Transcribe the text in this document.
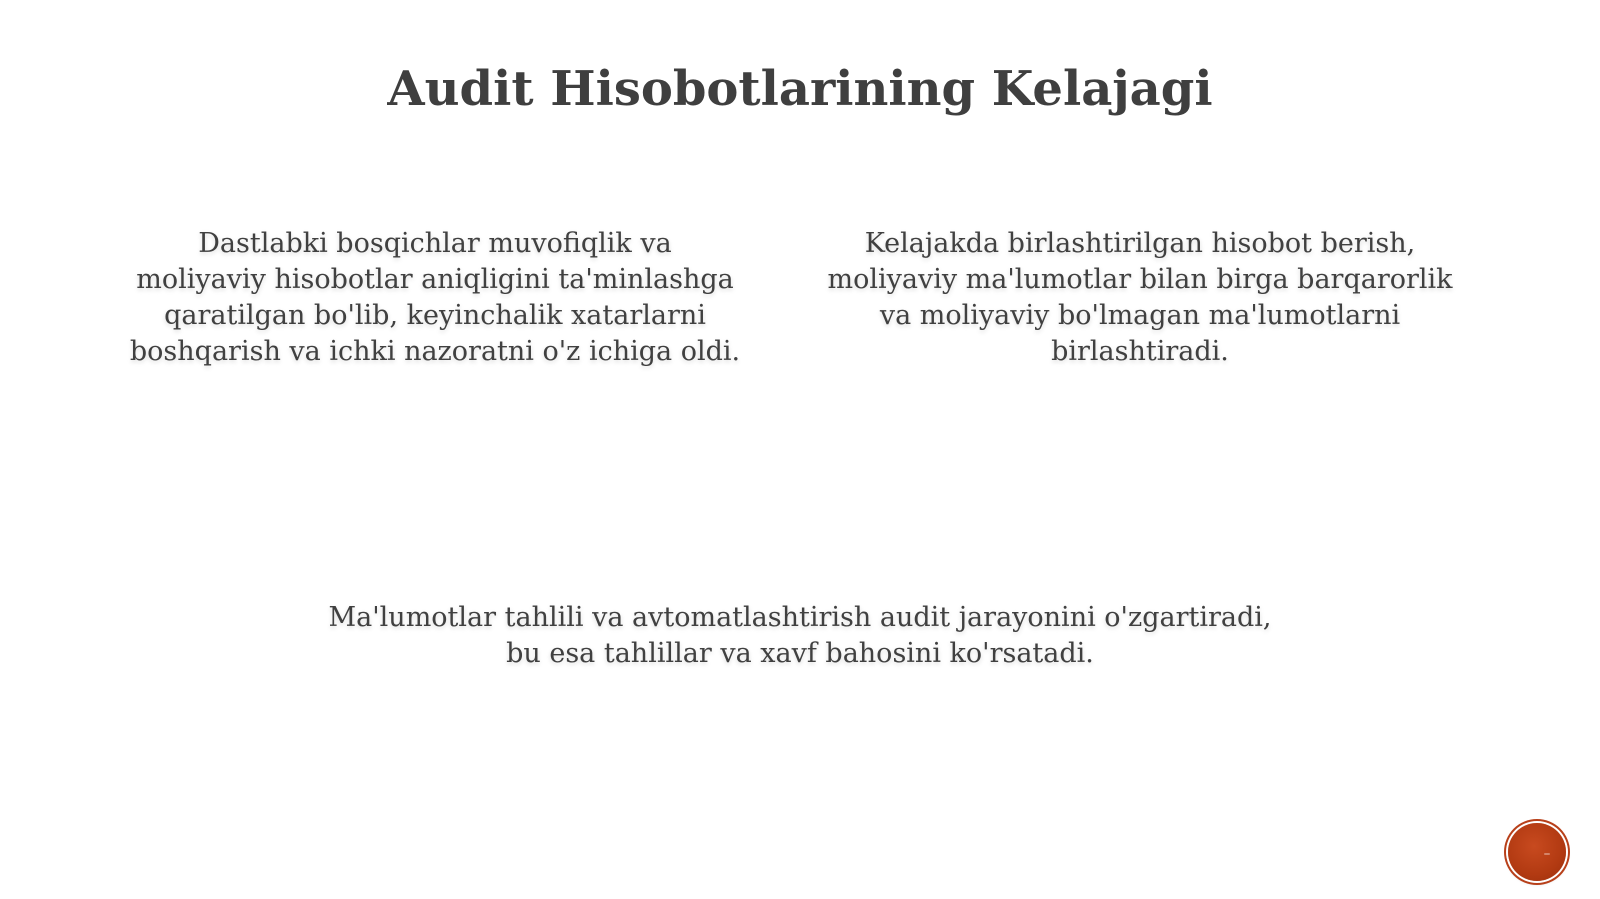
Audit Hisobotlarining Kelajagi

Dastlabki bosqichlar muvofiqlik va
moliyaviy hisobotlar aniqligini ta'minlashga
qaratilgan bo'lib, keyinchalik xatarlarni
boshqarish va ichki nazoratni o'z ichiga oldi.

Kelajakda birlashtirilgan hisobot berish,
moliyaviy ma'lumotlar bilan birga barqarorlik
va moliyaviy bo'lmagan ma'lumotlarni
birlashtiradi.

Ma'lumotlar tahlili va avtomatlashtirish audit jarayonini o'zgartiradi,
bu esa tahlillar va xavf bahosini ko'rsatadi.
